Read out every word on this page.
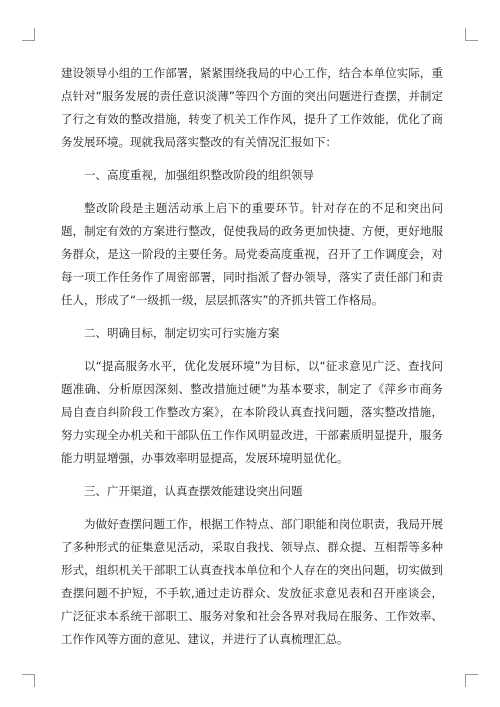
建设领导小组的工作部署，紧紧围绕我局的中心工作，结合本单位实际，重点针对“服务发展的责任意识淡薄”等四个方面的突出问题进行查摆，并制定了行之有效的整改措施，转变了机关工作作风，提升了工作效能，优化了商务发展环境。现就我局落实整改的有关情况汇报如下：

一、高度重视，加强组织整改阶段的组织领导

整改阶段是主题活动承上启下的重要环节。针对存在的不足和突出问题，制定有效的方案进行整改，促使我局的政务更加快捷、方便，更好地服务群众，是这一阶段的主要任务。局党委高度重视，召开了工作调度会，对每一项工作任务作了周密部署，同时指派了督办领导，落实了责任部门和责任人，形成了“一级抓一级，层层抓落实”的齐抓共管工作格局。

二、明确目标，制定切实可行实施方案

以“提高服务水平，优化发展环境”为目标，以“征求意见广泛、查找问题准确、分析原因深刻、整改措施过硬”为基本要求，制定了《萍乡市商务局自查自纠阶段工作整改方案》，在本阶段认真查找问题，落实整改措施，努力实现全办机关和干部队伍工作作风明显改进，干部素质明显提升，服务能力明显增强，办事效率明显提高，发展环境明显优化。

三、广开渠道，认真查摆效能建设突出问题

为做好查摆问题工作，根据工作特点、部门职能和岗位职责，我局开展了多种形式的征集意见活动，采取自我找、领导点、群众提、互相帮等多种形式，组织机关干部职工认真查找本单位和个人存在的突出问题，切实做到查摆问题不护短，不手软,通过走访群众、发放征求意见表和召开座谈会，广泛征求本系统干部职工、服务对象和社会各界对我局在服务、工作效率、工作作风等方面的意见、建议，并进行了认真梳理汇总。
